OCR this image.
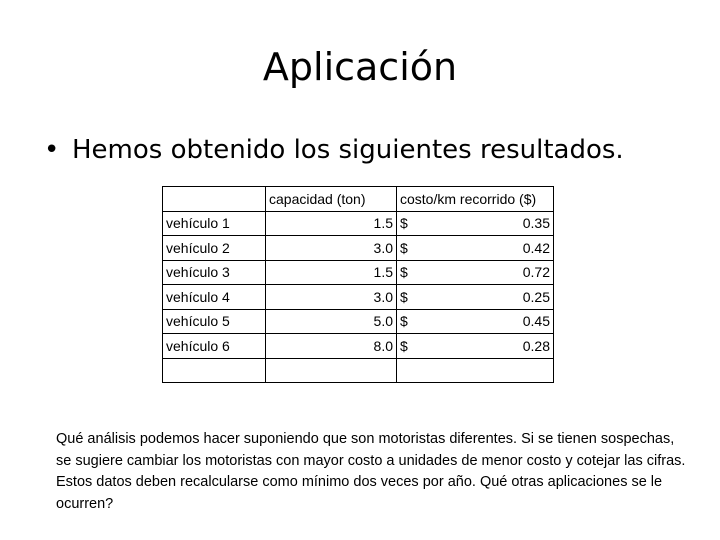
Aplicación
• Hemos obtenido los siguientes resultados.
	capacidad (ton)	costo/km recorrido ($)
vehículo 1	1.5	$ 0.35

vehículo 2	3.0	$ 0.42

vehículo 3	1.5	$ 0.72

vehículo 4	3.0	$ 0.25

vehículo 5	5.0	$ 0.45

vehículo 6	8.0	$ 0.28

Qué análisis podemos hacer suponiendo que son motoristas diferentes. Si se tienen sospechas, se sugiere cambiar los motoristas con mayor costo a unidades de menor costo y cotejar las cifras. Estos datos deben recalcularse como mínimo dos veces por año. Qué otras aplicaciones se le ocurren?
